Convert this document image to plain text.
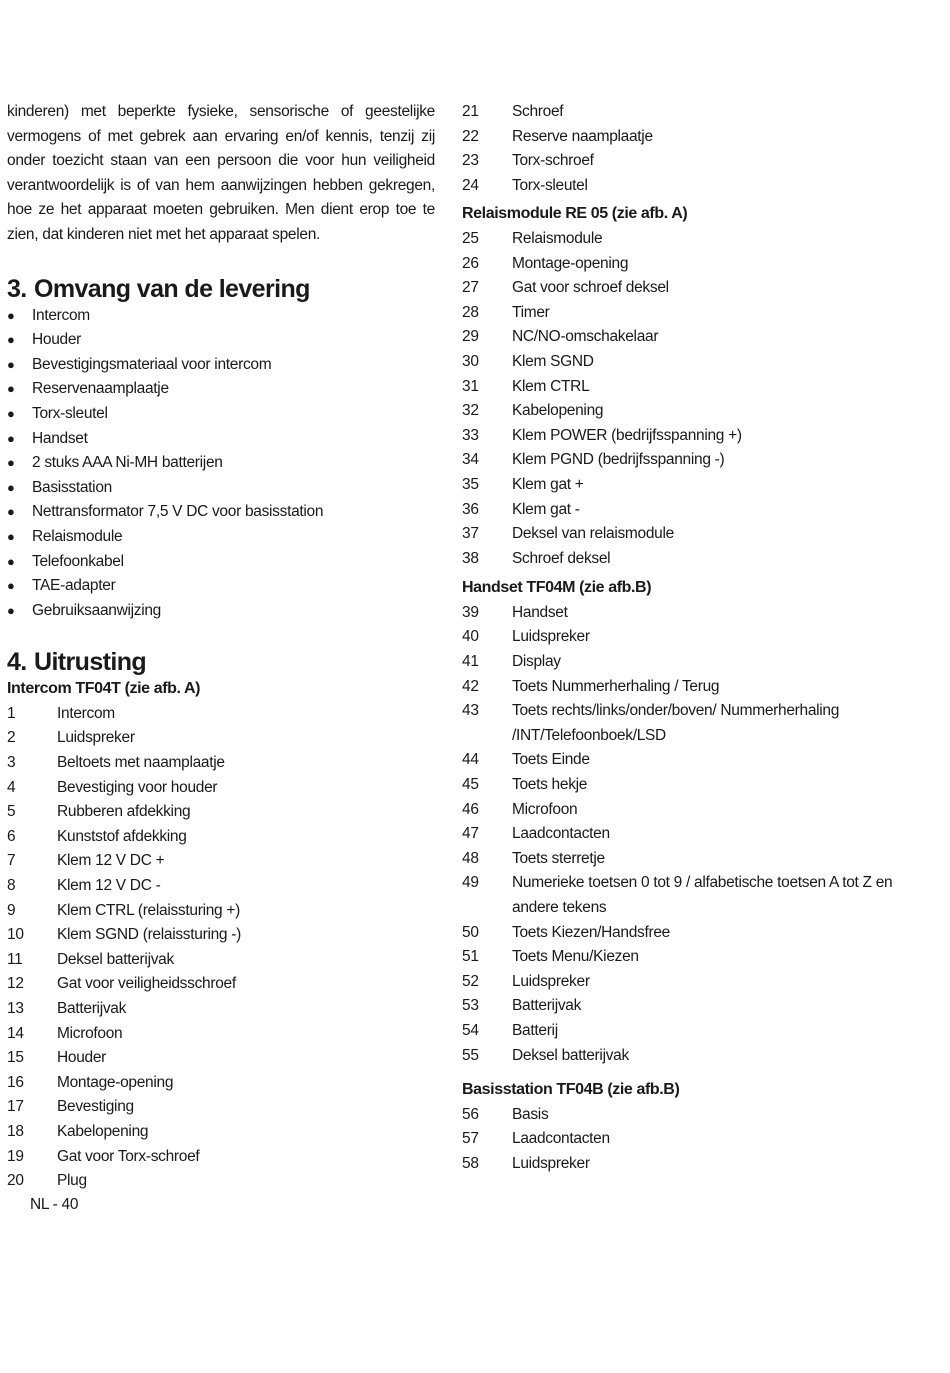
kinderen) met beperkte fysieke, sensorische of geestelijke vermogens of met gebrek aan ervaring en/of kennis, tenzij zij onder toezicht staan van een persoon die voor hun veiligheid verantwoordelijk is of van hem aanwijzingen hebben gekregen, hoe ze het apparaat moeten gebruiken. Men dient erop toe te zien, dat kinderen niet met het apparaat spelen.

3. Omvang van de levering
●	Intercom
●	Houder
●	Bevestigingsmateriaal voor intercom
●	Reservenaamplaatje
●	Torx-sleutel
●	Handset
●	2 stuks AAA Ni-MH batterijen
●	Basisstation
●	Nettransformator 7,5 V DC voor basisstation
●	Relaismodule
●	Telefoonkabel
●	TAE-adapter
●	Gebruiksaanwijzing
4. Uitrusting

Intercom TF04T (zie afb. A)

1	Intercom
2	Luidspreker
3	Beltoets met naamplaatje
4	Bevestiging voor houder
5	Rubberen afdekking
6	Kunststof afdekking
7	Klem 12 V DC +
8	Klem 12 V DC -
9	Klem CTRL (relaissturing +)
10	Klem SGND (relaissturing -)
11	Deksel batterijvak
12	Gat voor veiligheidsschroef
13	Batterijvak
14	Microfoon
15	Houder
16	Montage-opening
17	Bevestiging
18	Kabelopening
19	Gat voor Torx-schroef
20	Plug
21	Schroef
22	Reserve naamplaatje
23	Torx-schroef
24	Torx-sleutel

Relaismodule RE 05 (zie afb. A)

25	Relaismodule
26	Montage-opening
27	Gat voor schroef deksel
28	Timer
29	NC/NO-omschakelaar
30	Klem SGND
31	Klem CTRL
32	Kabelopening
33	Klem POWER (bedrijfsspanning +)
34	Klem PGND (bedrijfsspanning -)
35	Klem gat +
36	Klem gat -
37	Deksel van relaismodule
38	Schroef deksel

Handset TF04M (zie afb.B)

39	Handset
40	Luidspreker
41	Display
42	Toets Nummerherhaling / Terug
43	Toets rechts/links/onder/boven/ Nummerherhaling /INT/Telefoonboek/LSD
44	Toets Einde
45	Toets hekje
46	Microfoon
47	Laadcontacten
48	Toets sterretje
49	Numerieke toetsen 0 tot 9 / alfabetische toetsen A tot Z en andere tekens
50	Toets Kiezen/Handsfree
51	Toets Menu/Kiezen
52	Luidspreker
53	Batterijvak
54	Batterij
55	Deksel batterijvak

Basisstation TF04B (zie afb.B)

56	Basis
57	Laadcontacten
58	Luidspreker
NL - 40
